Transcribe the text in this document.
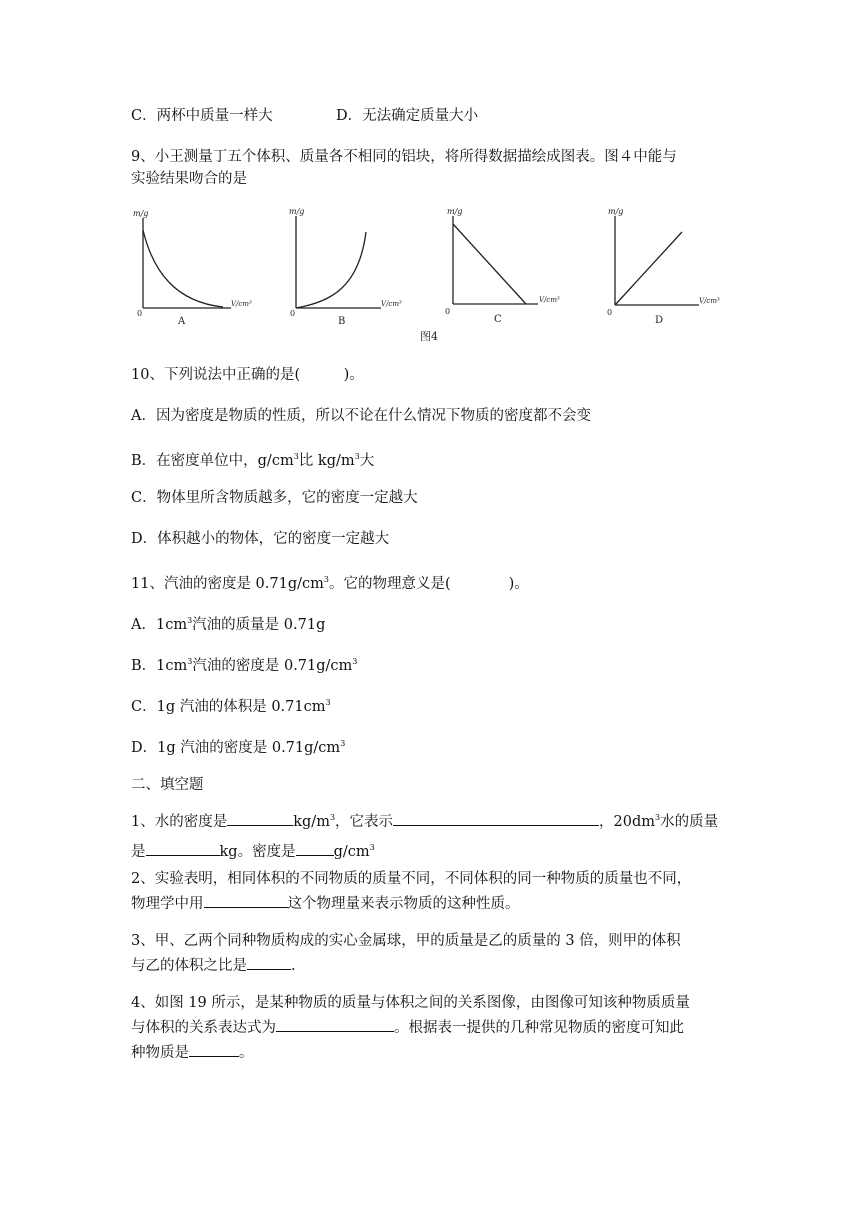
C．两杯中质量一样大	D．无法确定质量大小
9、小王测量丁五个体积、质量各不相同的铝块，将所得数据描绘成图表。图４中能与
实验结果吻合的是
m/g
0
V/cm³
A
m/g
0
V/cm³
B
m/g
0
V/cm³
C
m/g
0
V/cm³
D
图4
10、下列说法中正确的是(　　　)。
A．因为密度是物质的性质，所以不论在什么情况下物质的密度都不会变
B．在密度单位中，$g/cm^3$比 $kg/m^3$大
C．物体里所含物质越多，它的密度一定越大
D．体积越小的物体，它的密度一定越大
11、汽油的密度是 $0.71g/cm^3$。它的物理意义是(　　　　)。
A．$1cm^3$汽油的质量是 0.71g
B．$1cm^3$汽油的密度是 $0.71g/cm^3$
C．1g 汽油的体积是 $0.71cm^3$
D．1g 汽油的密度是 $0.71g/cm^3$
二、填空题
1、水的密度是	$kg/m^3$，它表示	，$20dm^3$水的质量
是	kg。密度是	$g/cm^3$
2、实验表明，相同体积的不同物质的质量不同，不同体积的同一种物质的质量也不同，
物理学中用	这个物理量来表示物质的这种性质。
3、甲、乙两个同种物质构成的实心金属球，甲的质量是乙的质量的 3 倍，则甲的体积
与乙的体积之比是	.
4、如图 19 所示，是某种物质的质量与体积之间的关系图像，由图像可知该种物质质量
与体积的关系表达式为	。根据表一提供的几种常见物质的密度可知此
种物质是	。
